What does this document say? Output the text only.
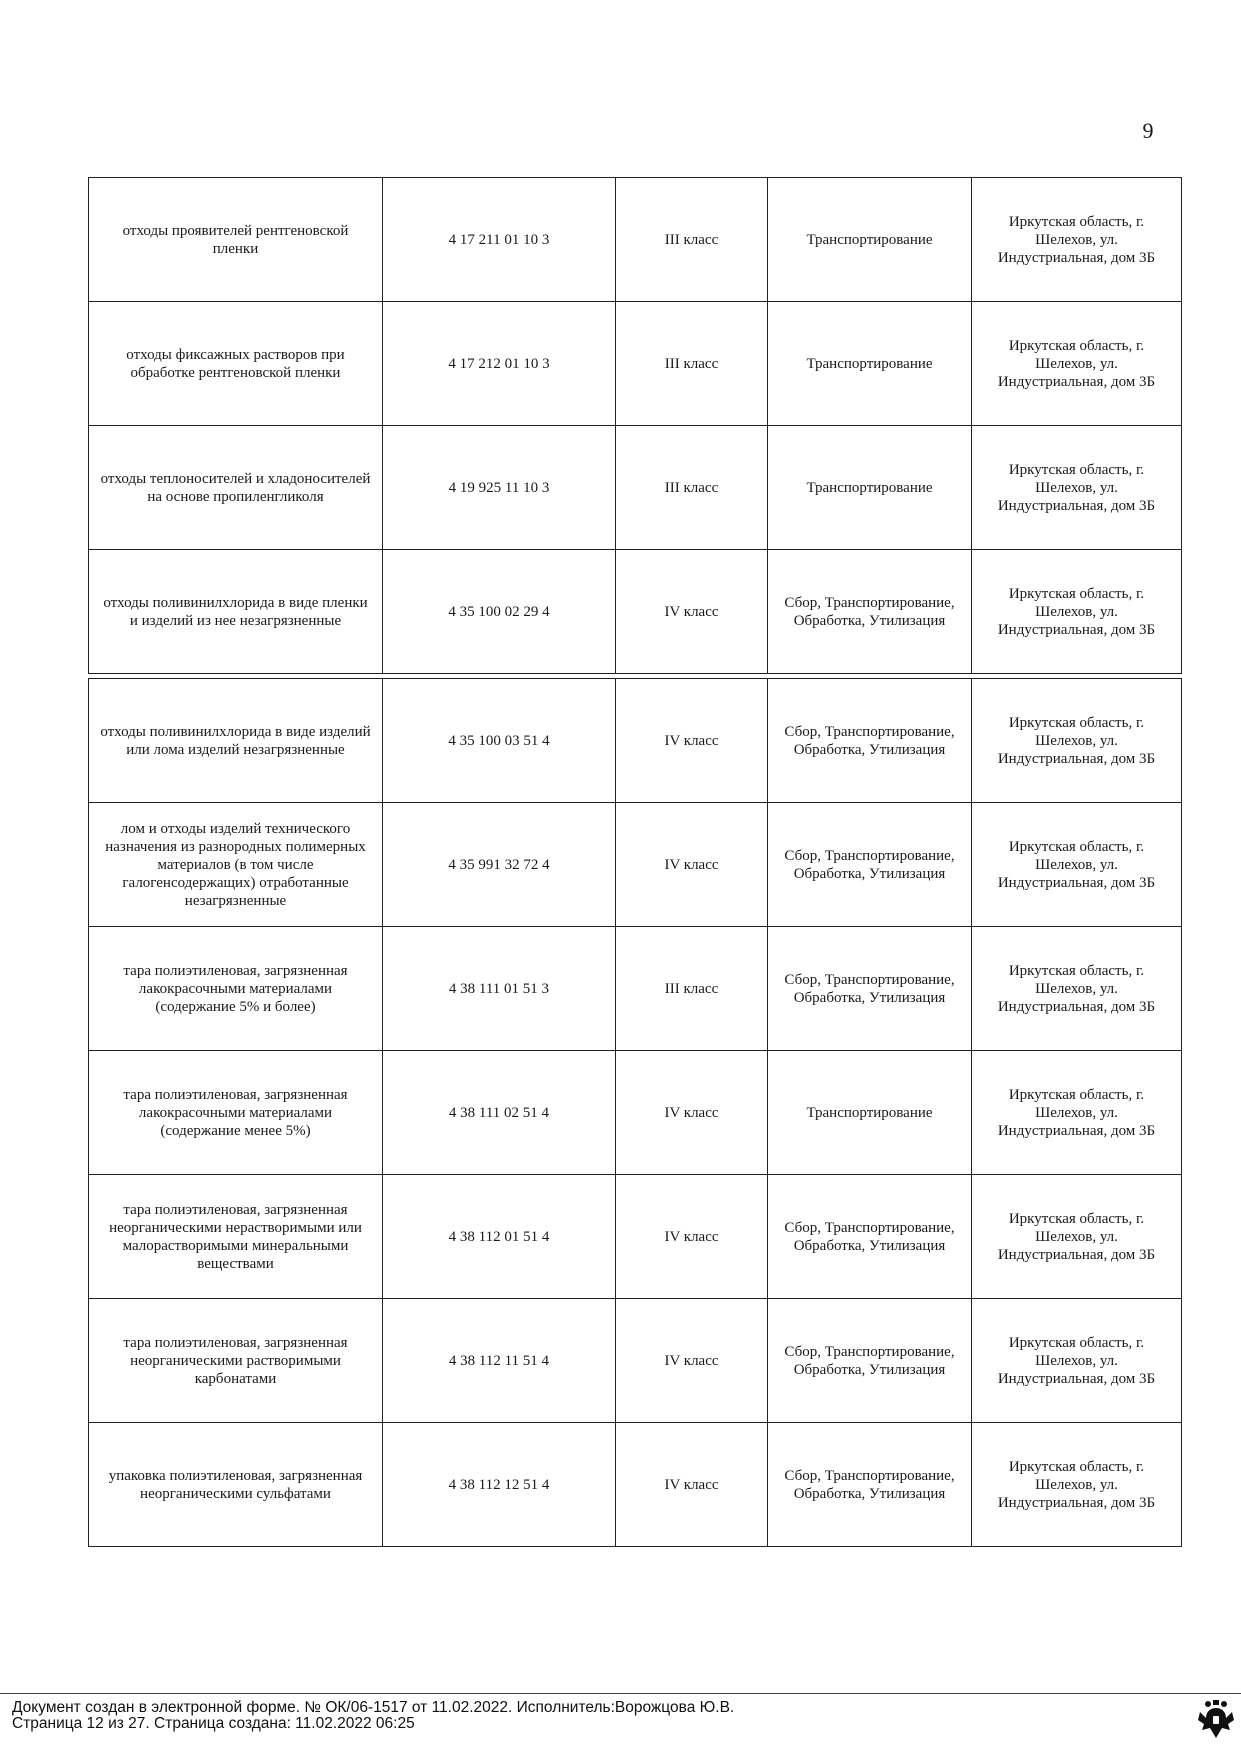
9
отходы проявителей рентгеновской пленки	4 17 211 01 10 3	III класс	Транспортирование	Иркутская область, г. Шелехов, ул. Индустриальная, дом 3Б
отходы фиксажных растворов при обработке рентгеновской пленки	4 17 212 01 10 3	III класс	Транспортирование	Иркутская область, г. Шелехов, ул. Индустриальная, дом 3Б
отходы теплоносителей и хладоносителей на основе пропиленгликоля	4 19 925 11 10 3	III класс	Транспортирование	Иркутская область, г. Шелехов, ул. Индустриальная, дом 3Б
отходы поливинилхлорида в виде пленки и изделий из нее незагрязненные	4 35 100 02 29 4	IV класс	Сбор, Транспортирование, Обработка, Утилизация	Иркутская область, г. Шелехов, ул. Индустриальная, дом 3Б
отходы поливинилхлорида в виде изделий или лома изделий незагрязненные	4 35 100 03 51 4	IV класс	Сбор, Транспортирование, Обработка, Утилизация	Иркутская область, г. Шелехов, ул. Индустриальная, дом 3Б
лом и отходы изделий технического назначения из разнородных полимерных материалов (в том числе галогенсодержащих) отработанные незагрязненные	4 35 991 32 72 4	IV класс	Сбор, Транспортирование, Обработка, Утилизация	Иркутская область, г. Шелехов, ул. Индустриальная, дом 3Б
тара полиэтиленовая, загрязненная лакокрасочными материалами (содержание 5% и более)	4 38 111 01 51 3	III класс	Сбор, Транспортирование, Обработка, Утилизация	Иркутская область, г. Шелехов, ул. Индустриальная, дом 3Б
тара полиэтиленовая, загрязненная лакокрасочными материалами (содержание менее 5%)	4 38 111 02 51 4	IV класс	Транспортирование	Иркутская область, г. Шелехов, ул. Индустриальная, дом 3Б
тара полиэтиленовая, загрязненная неорганическими нерастворимыми или малорастворимыми минеральными веществами	4 38 112 01 51 4	IV класс	Сбор, Транспортирование, Обработка, Утилизация	Иркутская область, г. Шелехов, ул. Индустриальная, дом 3Б
тара полиэтиленовая, загрязненная неорганическими растворимыми карбонатами	4 38 112 11 51 4	IV класс	Сбор, Транспортирование, Обработка, Утилизация	Иркутская область, г. Шелехов, ул. Индустриальная, дом 3Б
упаковка полиэтиленовая, загрязненная неорганическими сульфатами	4 38 112 12 51 4	IV класс	Сбор, Транспортирование, Обработка, Утилизация	Иркутская область, г. Шелехов, ул. Индустриальная, дом 3Б
Документ создан в электронной форме. № ОК/06-1517 от 11.02.2022. Исполнитель:Ворожцова Ю.В.
Страница 12 из 27. Страница создана: 11.02.2022 06:25
